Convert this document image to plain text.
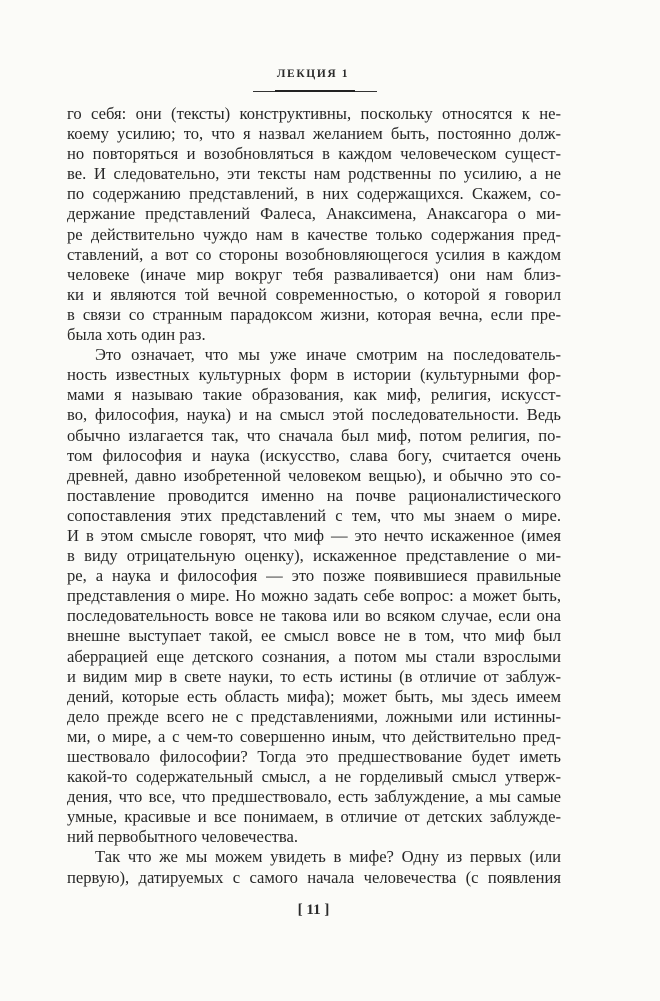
ЛЕКЦИЯ 1
го себя: они (тексты) конструктивны, поскольку относятся к не-
коему усилию; то, что я назвал желанием быть, постоянно долж-
но повторяться и возобновляться в каждом человеческом сущест-
ве. И следовательно, эти тексты нам родственны по усилию, а не
по содержанию представлений, в них содержащихся. Скажем, со-
держание представлений Фалеса, Анаксимена, Анаксагора о ми-
ре действительно чуждо нам в качестве только содержания пред-
ставлений, а вот со стороны возобновляющегося усилия в каждом
человеке (иначе мир вокруг тебя разваливается) они нам близ-
ки и являются той вечной современностью, о которой я говорил
в связи со странным парадоксом жизни, которая вечна, если пре-
была хоть один раз.
Это означает, что мы уже иначе смотрим на последователь-
ность известных культурных форм в истории (культурными фор-
мами я называю такие образования, как миф, религия, искусст-
во, философия, наука) и на смысл этой последовательности. Ведь
обычно излагается так, что сначала был миф, потом религия, по-
том философия и наука (искусство, слава богу, считается очень
древней, давно изобретенной человеком вещью), и обычно это со-
поставление проводится именно на почве рационалистического
сопоставления этих представлений с тем, что мы знаем о мире.
И в этом смысле говорят, что миф — это нечто искаженное (имея
в виду отрицательную оценку), искаженное представление о ми-
ре, а наука и философия — это позже появившиеся правильные
представления о мире. Но можно задать себе вопрос: а может быть,
последовательность вовсе не такова или во всяком случае, если она
внешне выступает такой, ее смысл вовсе не в том, что миф был
аберрацией еще детского сознания, а потом мы стали взрослыми
и видим мир в свете науки, то есть истины (в отличие от заблуж-
дений, которые есть область мифа); может быть, мы здесь имеем
дело прежде всего не с представлениями, ложными или истинны-
ми, о мире, а с чем-то совершенно иным, что действительно пред-
шествовало философии? Тогда это предшествование будет иметь
какой-то содержательный смысл, а не горделивый смысл утверж-
дения, что все, что предшествовало, есть заблуждение, а мы самые
умные, красивые и все понимаем, в отличие от детских заблужде-
ний первобытного человечества.
Так что же мы можем увидеть в мифе? Одну из первых (или
первую), датируемых с самого начала человечества (с появления
[ 11 ]
